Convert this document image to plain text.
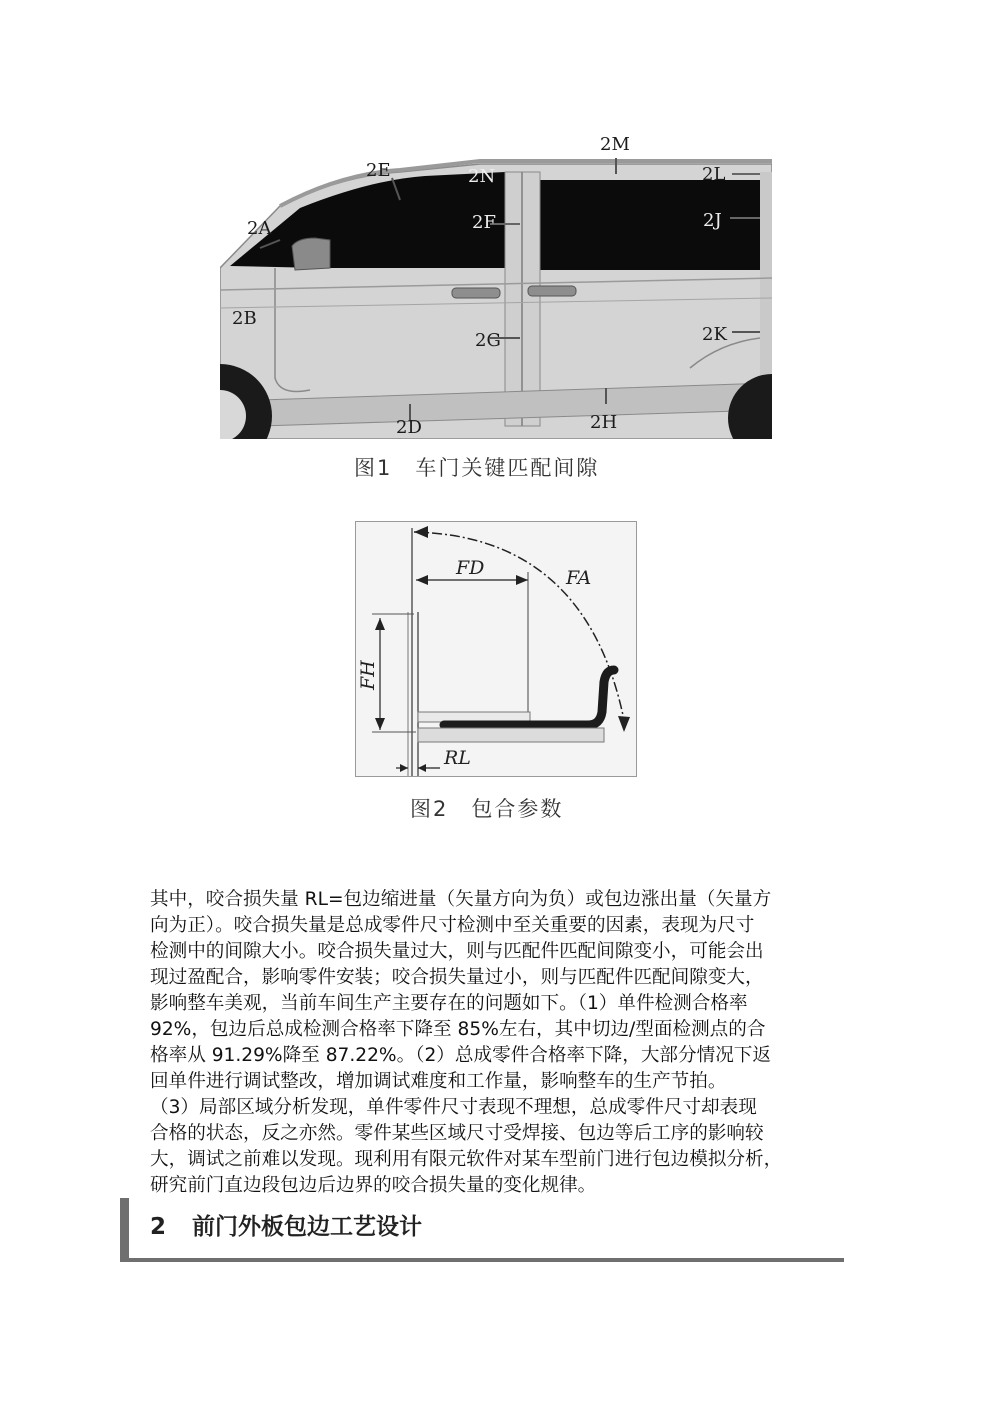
2A
2B
2D
2E
2F
2G
2H
2J
2K
2L
2M
2N
图1　车门关键匹配间隙
FD	FA
FH
RL
图2　包合参数
其中，咬合损失量 RL=包边缩进量（矢量方向为负）或包边涨出量（矢量方
向为正）。咬合损失量是总成零件尺寸检测中至关重要的因素，表现为尺寸
检测中的间隙大小。咬合损失量过大，则与匹配件匹配间隙变小，可能会出
现过盈配合，影响零件安装；咬合损失量过小，则与匹配件匹配间隙变大，
影响整车美观，当前车间生产主要存在的问题如下。（1）单件检测合格率
92%，包边后总成检测合格率下降至 85%左右，其中切边/型面检测点的合
格率从 91.29%降至 87.22%。（2）总成零件合格率下降，大部分情况下返
回单件进行调试整改，增加调试难度和工作量，影响整车的生产节拍。
（3）局部区域分析发现，单件零件尺寸表现不理想，总成零件尺寸却表现
合格的状态，反之亦然。零件某些区域尺寸受焊接、包边等后工序的影响较
大，调试之前难以发现。现利用有限元软件对某车型前门进行包边模拟分析，
研究前门直边段包边后边界的咬合损失量的变化规律。
2 前门外板包边工艺设计
